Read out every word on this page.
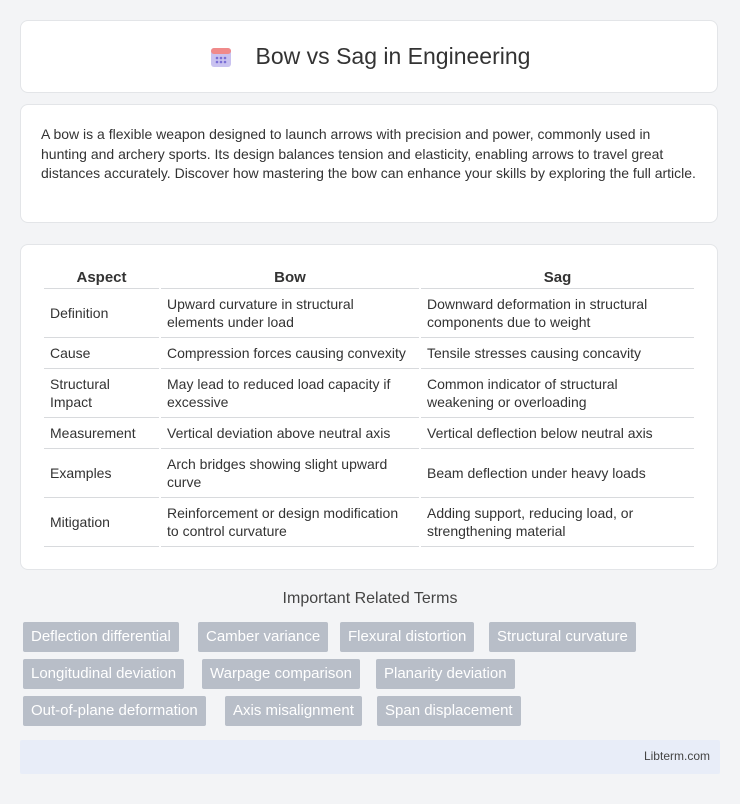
Bow vs Sag in Engineering

A bow is a flexible weapon designed to launch arrows with precision and power, commonly used in hunting and archery sports. Its design balances tension and elasticity, enabling arrows to travel great distances accurately. Discover how mastering the bow can enhance your skills by exploring the full article.

Aspect	Bow	Sag
Definition	Upward curvature in structural elements under load	Downward deformation in structural components due to weight
Cause	Compression forces causing convexity	Tensile stresses causing concavity
Structural Impact	May lead to reduced load capacity if excessive	Common indicator of structural weakening or overloading
Measurement	Vertical deviation above neutral axis	Vertical deflection below neutral axis
Examples	Arch bridges showing slight upward curve	Beam deflection under heavy loads
Mitigation	Reinforcement or design modification to control curvature	Adding support, reducing load, or strengthening material
Important Related Terms
Deflection differential	Camber variance	Flexural distortion	Structural curvature
Longitudinal deviation	Warpage comparison	Planarity deviation
Out-of-plane deformation	Axis misalignment	Span displacement
Libterm.com
